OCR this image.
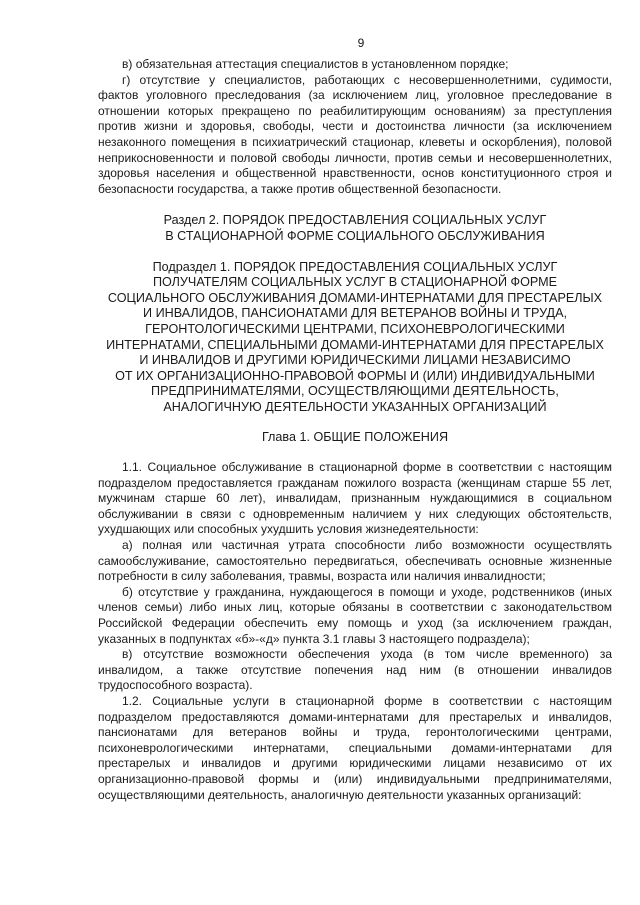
9

в) обязательная аттестация специалистов в установленном порядке;

г) отсутствие у специалистов, работающих с несовершеннолетними, судимости, фактов уголовного преследования (за исключением лиц, уголовное преследование в отношении которых прекращено по реабилитирующим основаниям) за преступления против жизни и здоровья, свободы, чести и достоинства личности (за исключением незаконного помещения в психиатрический стационар, клеветы и оскорбления), половой неприкосновенности и половой свободы личности, против семьи и несовершеннолетних, здоровья населения и общественной нравственности, основ конституционного строя и безопасности государства, а также против общественной безопасности.

Раздел 2. ПОРЯДОК ПРЕДОСТАВЛЕНИЯ СОЦИАЛЬНЫХ УСЛУГ
В СТАЦИОНАРНОЙ ФОРМЕ СОЦИАЛЬНОГО ОБСЛУЖИВАНИЯ
Подраздел 1. ПОРЯДОК ПРЕДОСТАВЛЕНИЯ СОЦИАЛЬНЫХ УСЛУГ
ПОЛУЧАТЕЛЯМ СОЦИАЛЬНЫХ УСЛУГ В СТАЦИОНАРНОЙ ФОРМЕ
СОЦИАЛЬНОГО ОБСЛУЖИВАНИЯ ДОМАМИ-ИНТЕРНАТАМИ ДЛЯ ПРЕСТАРЕЛЫХ
И ИНВАЛИДОВ, ПАНСИОНАТАМИ ДЛЯ ВЕТЕРАНОВ ВОЙНЫ И ТРУДА,
ГЕРОНТОЛОГИЧЕСКИМИ ЦЕНТРАМИ, ПСИХОНЕВРОЛОГИЧЕСКИМИ
ИНТЕРНАТАМИ, СПЕЦИАЛЬНЫМИ ДОМАМИ-ИНТЕРНАТАМИ ДЛЯ ПРЕСТАРЕЛЫХ
И ИНВАЛИДОВ И ДРУГИМИ ЮРИДИЧЕСКИМИ ЛИЦАМИ НЕЗАВИСИМО
ОТ ИХ ОРГАНИЗАЦИОННО-ПРАВОВОЙ ФОРМЫ И (ИЛИ) ИНДИВИДУАЛЬНЫМИ
ПРЕДПРИНИМАТЕЛЯМИ, ОСУЩЕСТВЛЯЮЩИМИ ДЕЯТЕЛЬНОСТЬ,
АНАЛОГИЧНУЮ ДЕЯТЕЛЬНОСТИ УКАЗАННЫХ ОРГАНИЗАЦИЙ
Глава 1. ОБЩИЕ ПОЛОЖЕНИЯ

1.1. Социальное обслуживание в стационарной форме в соответствии с настоящим подразделом предоставляется гражданам пожилого возраста (женщинам старше 55 лет, мужчинам старше 60 лет), инвалидам, признанным нуждающимися в социальном обслуживании в связи с одновременным наличием у них следующих обстоятельств, ухудшающих или способных ухудшить условия жизнедеятельности:

а) полная или частичная утрата способности либо возможности осуществлять самообслуживание, самостоятельно передвигаться, обеспечивать основные жизненные потребности в силу заболевания, травмы, возраста или наличия инвалидности;

б) отсутствие у гражданина, нуждающегося в помощи и уходе, родственников (иных членов семьи) либо иных лиц, которые обязаны в соответствии с законодательством Российской Федерации обеспечить ему помощь и уход (за исключением граждан, указанных в подпунктах «б»-«д» пункта 3.1 главы 3 настоящего подраздела);

в) отсутствие возможности обеспечения ухода (в том числе временного) за инвалидом, а также отсутствие попечения над ним (в отношении инвалидов трудоспособного возраста).

1.2. Социальные услуги в стационарной форме в соответствии с настоящим подразделом предоставляются домами-интернатами для престарелых и инвалидов, пансионатами для ветеранов войны и труда, геронтологическими центрами, психоневрологическими интернатами, специальными домами-интернатами для престарелых и инвалидов и другими юридическими лицами независимо от их организационно-правовой формы и (или) индивидуальными предпринимателями, осуществляющими деятельность, аналогичную деятельности указанных организаций:
